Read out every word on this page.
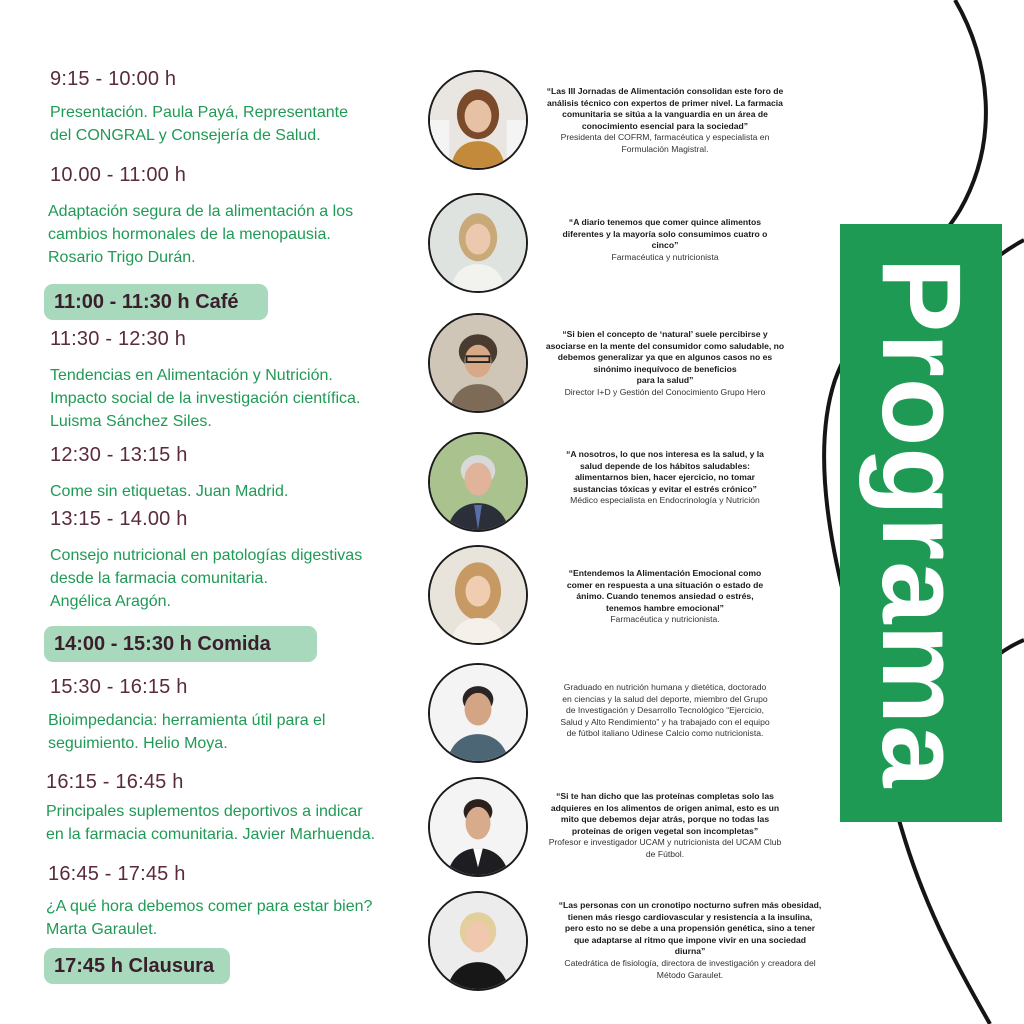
9:15 - 10:00 h
Presentación. Paula Payá, Representante
del CONGRAL y Consejería de Salud.
10.00 - 11:00 h
Adaptación segura de la alimentación a los
cambios hormonales de la menopausia.
Rosario Trigo Durán.
11:00 - 11:30 h Café
11:30 - 12:30 h
Tendencias en Alimentación y Nutrición.
Impacto social de la investigación científica.
Luisma Sánchez Siles.
12:30 - 13:15 h
Come sin etiquetas. Juan Madrid.
13:15 - 14.00 h
Consejo nutricional en patologías digestivas
desde la farmacia comunitaria.
Angélica Aragón.
14:00 - 15:30 h Comida
15:30 - 16:15 h
Bioimpedancia: herramienta útil para el
seguimiento. Helio Moya.
16:15 - 16:45 h
Principales suplementos deportivos a indicar
en la farmacia comunitaria. Javier Marhuenda.
16:45 - 17:45 h
¿A qué hora debemos comer para estar bien?
Marta Garaulet.
17:45 h Clausura
“Las III Jornadas de Alimentación consolidan este foro de
análisis técnico con expertos de primer nivel. La farmacia
comunitaria se sitúa a la vanguardia en un área de
conocimiento esencial para la sociedad”
Presidenta del COFRM, farmacéutica y especialista en
Formulación Magistral.
“A diario tenemos que comer quince alimentos
diferentes y la mayoría solo consumimos cuatro o
cinco”
Farmacéutica y nutricionista
“Si bien el concepto de ‘natural’ suele percibirse y
asociarse en la mente del consumidor como saludable, no
debemos generalizar ya que en algunos casos no es
sinónimo inequívoco de beneficios
para la salud”
Director I+D y Gestión del Conocimiento Grupo Hero
“A nosotros, lo que nos interesa es la salud, y la
salud depende de los hábitos saludables:
alimentarnos bien, hacer ejercicio, no tomar
sustancias tóxicas y evitar el estrés crónico”
Médico especialista en Endocrinología y Nutrición
“Entendemos la Alimentación Emocional como
comer en respuesta a una situación o estado de
ánimo. Cuando tenemos ansiedad o estrés,
tenemos hambre emocional”
Farmacéutica y nutricionista.
Graduado en nutrición humana y dietética, doctorado
en ciencias y la salud del deporte, miembro del Grupo
de Investigación y Desarrollo Tecnológico “Ejercicio,
Salud y Alto Rendimiento” y ha trabajado con el equipo
de fútbol italiano Udinese Calcio como nutricionista.
“Si te han dicho que las proteínas completas solo las
adquieres en los alimentos de origen animal, esto es un
mito que debemos dejar atrás, porque no todas las
proteínas de origen vegetal son incompletas”
Profesor e investigador UCAM y nutricionista del UCAM Club
de Fútbol.
“Las personas con un cronotipo nocturno sufren más obesidad,
tienen más riesgo cardiovascular y resistencia a la insulina,
pero esto no se debe a una propensión genética, sino a tener
que adaptarse al ritmo que impone vivir en una sociedad
diurna”
Catedrática de fisiología, directora de investigación y creadora del
Método Garaulet.
Programa
